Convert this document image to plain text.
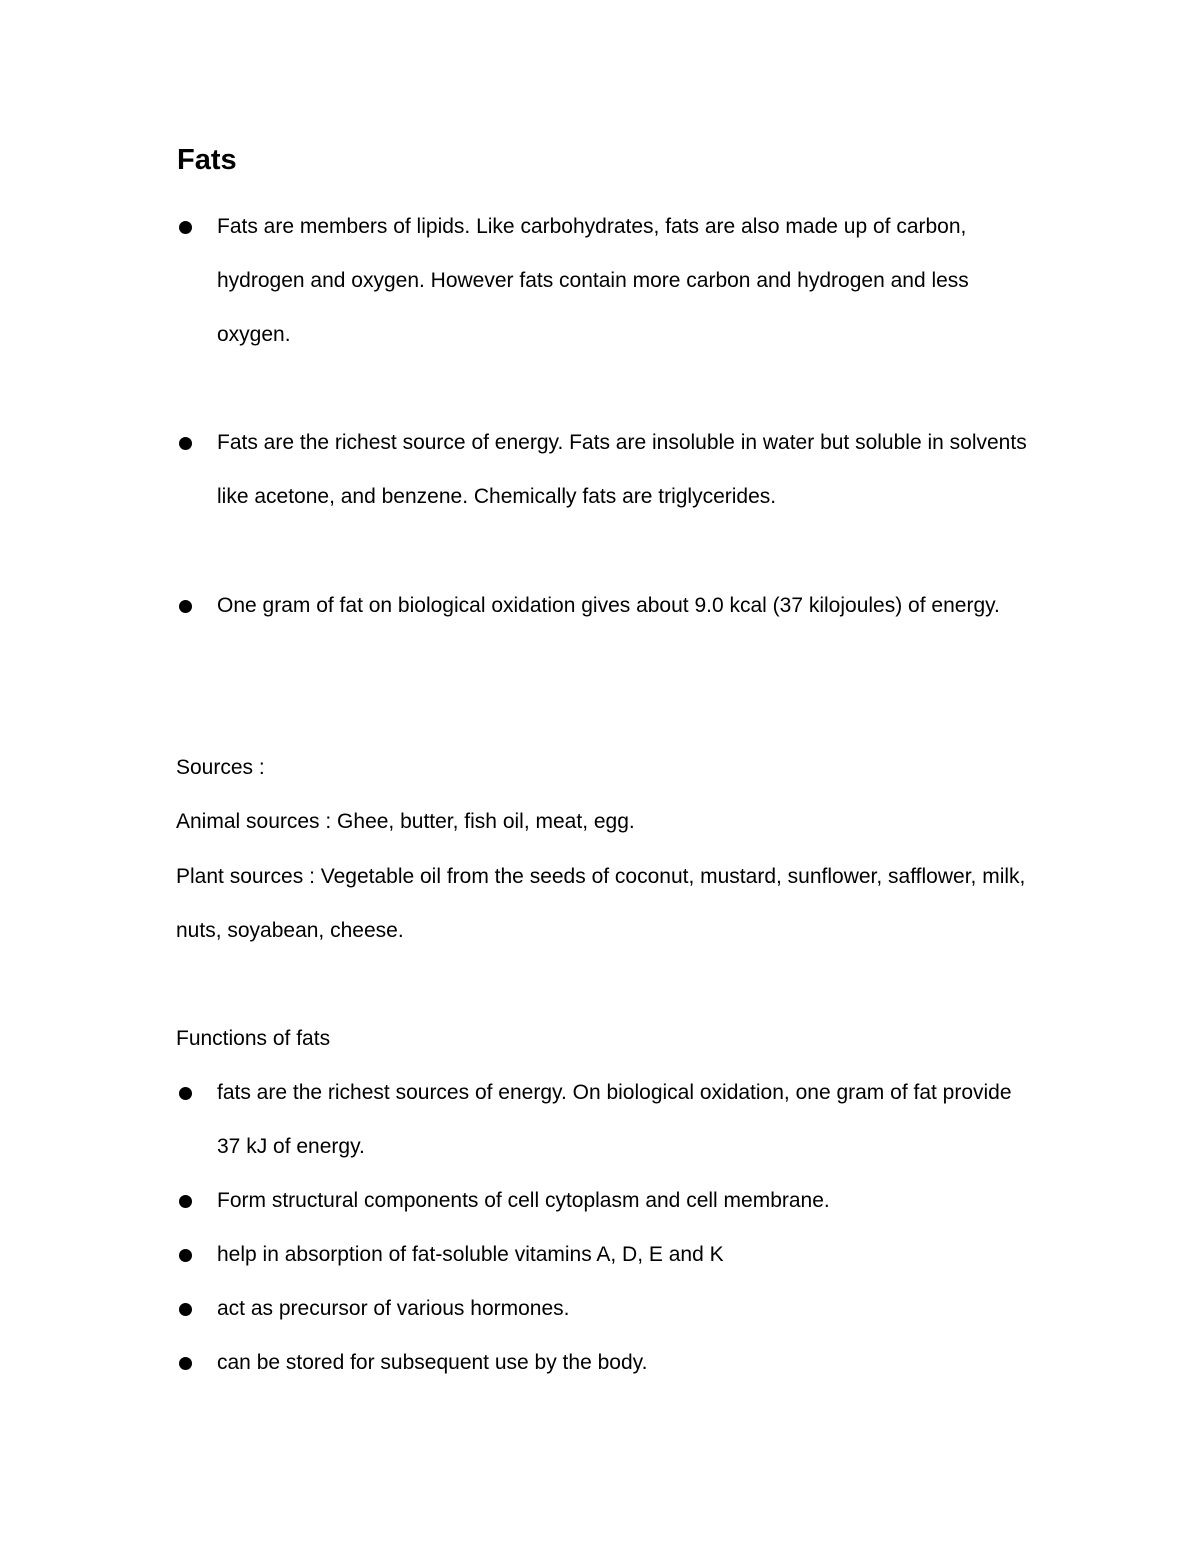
Fats
Fats are members of lipids. Like carbohydrates, fats are also made up of carbon, hydrogen and oxygen. However fats contain more carbon and hydrogen and less oxygen.
Fats are the richest source of energy. Fats are insoluble in water but soluble in solvents like acetone, and benzene. Chemically fats are triglycerides.
One gram of fat on biological oxidation gives about 9.0 kcal (37 kilojoules) of energy.

Sources :

Animal sources : Ghee, butter, fish oil, meat, egg.

Plant sources : Vegetable oil from the seeds of coconut, mustard, sunflower, safflower, milk, nuts, soyabean, cheese.

Functions of fats

fats are the richest sources of energy. On biological oxidation, one gram of fat provide 37 kJ of energy.
Form structural components of cell cytoplasm and cell membrane.
help in absorption of fat-soluble vitamins A, D, E and K
act as precursor of various hormones.
can be stored for subsequent use by the body.
